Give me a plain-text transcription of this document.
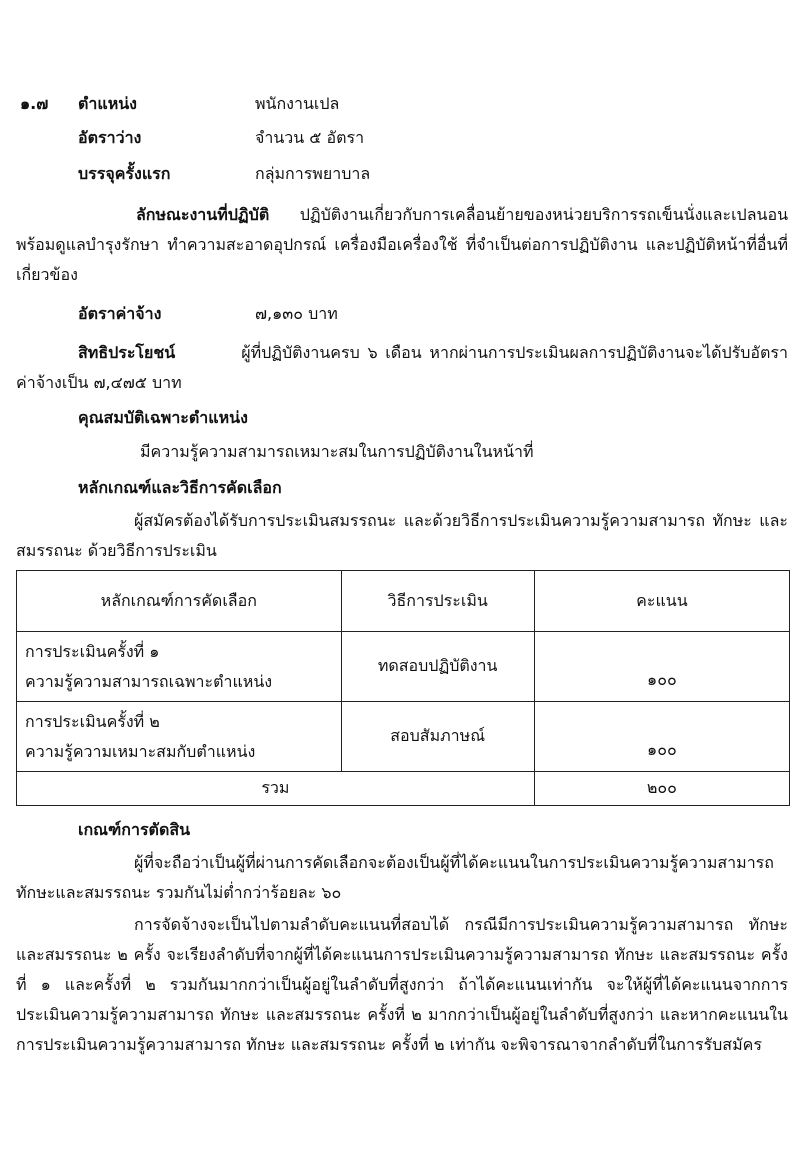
๑.๗ ตำแหน่ง	พนักงานเปล
อัตราว่าง	จำนวน ๕ อัตรา
บรรจุครั้งแรก	กลุ่มการพยาบาล
ลักษณะงานที่ปฏิบัติ ปฏิบัติงานเกี่ยวกับการเคลื่อนย้ายของหน่วยบริการรถเข็นนั่งและเปลนอน พร้อมดูแลบำรุงรักษา ทำความสะอาดอุปกรณ์ เครื่องมือเครื่องใช้ ที่จำเป็นต่อการปฏิบัติงาน และปฏิบัติหน้าที่อื่นที่เกี่ยวข้อง
อัตราค่าจ้าง	๗,๑๓๐ บาท
สิทธิประโยชน์	ผู้ที่ปฏิบัติงานครบ ๖ เดือน หากผ่านการประเมินผลการปฏิบัติงานจะได้ปรับอัตราค่าจ้างเป็น ๗,๔๗๕ บาท
คุณสมบัติเฉพาะตำแหน่ง
มีความรู้ความสามารถเหมาะสมในการปฏิบัติงานในหน้าที่
หลักเกณฑ์และวิธีการคัดเลือก
ผู้สมัครต้องได้รับการประเมินสมรรถนะ และด้วยวิธีการประเมินความรู้ความสามารถ ทักษะ และสมรรถนะ ด้วยวิธีการประเมิน
หลักเกณฑ์การคัดเลือก	วิธีการประเมิน	คะแนน

การประเมินครั้งที่ ๑
ความรู้ความสามารถเฉพาะตำแหน่ง	ทดสอบปฏิบัติงาน	๑๐๐

การประเมินครั้งที่ ๒
ความรู้ความเหมาะสมกับตำแหน่ง	สอบสัมภาษณ์	๑๐๐
รวม		๒๐๐
เกณฑ์การตัดสิน
ผู้ที่จะถือว่าเป็นผู้ที่ผ่านการคัดเลือกจะต้องเป็นผู้ที่ได้คะแนนในการประเมินความรู้ความสามารถ ทักษะและสมรรถนะ รวมกันไม่ต่ำกว่าร้อยละ ๖๐
การจัดจ้างจะเป็นไปตามลำดับคะแนนที่สอบได้ กรณีมีการประเมินความรู้ความสามารถ ทักษะ และสมรรถนะ ๒ ครั้ง จะเรียงลำดับที่จากผู้ที่ได้คะแนนการประเมินความรู้ความสามารถ ทักษะ และสมรรถนะ ครั้งที่ ๑ และครั้งที่ ๒ รวมกันมากกว่าเป็นผู้อยู่ในลำดับที่สูงกว่า ถ้าได้คะแนนเท่ากัน จะให้ผู้ที่ได้คะแนนจากการประเมินความรู้ความสามารถ ทักษะ และสมรรถนะ ครั้งที่ ๒ มากกว่าเป็นผู้อยู่ในลำดับที่สูงกว่า และหากคะแนนในการประเมินความรู้ความสามารถ ทักษะ และสมรรถนะ ครั้งที่ ๒ เท่ากัน จะพิจารณาจากลำดับที่ในการรับสมัคร
